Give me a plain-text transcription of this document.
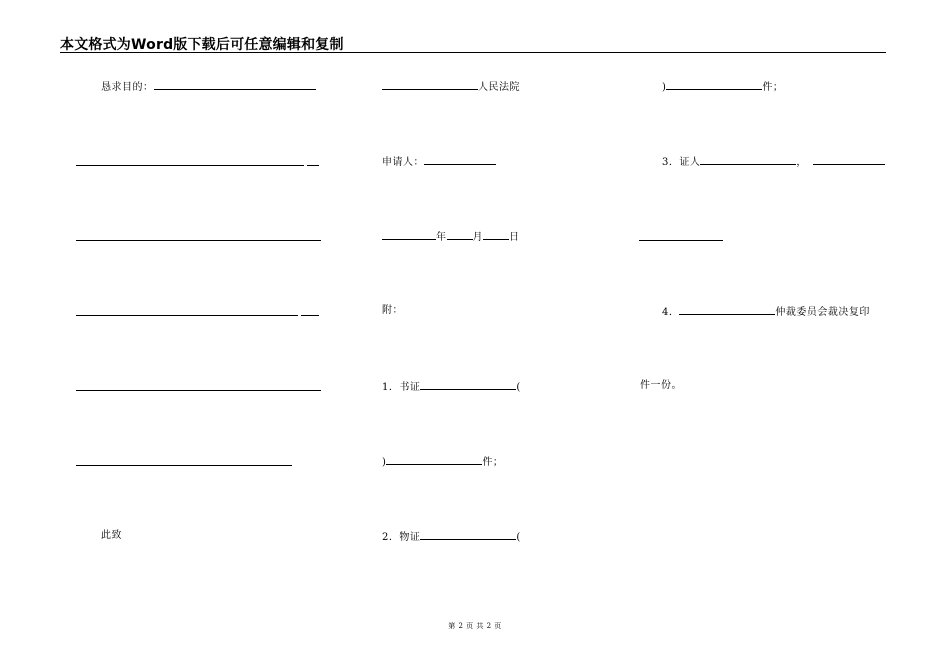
本文格式为Word版下载后可任意编辑和复制
恳求目的：
此致
人民法院
申请人：
年	月	日
附：
1．书证	(
)	件；
2．物证	(
)	件；
3．证人	，
4．	仲裁委员会裁决复印
件一份。
第 2 页 共 2 页
